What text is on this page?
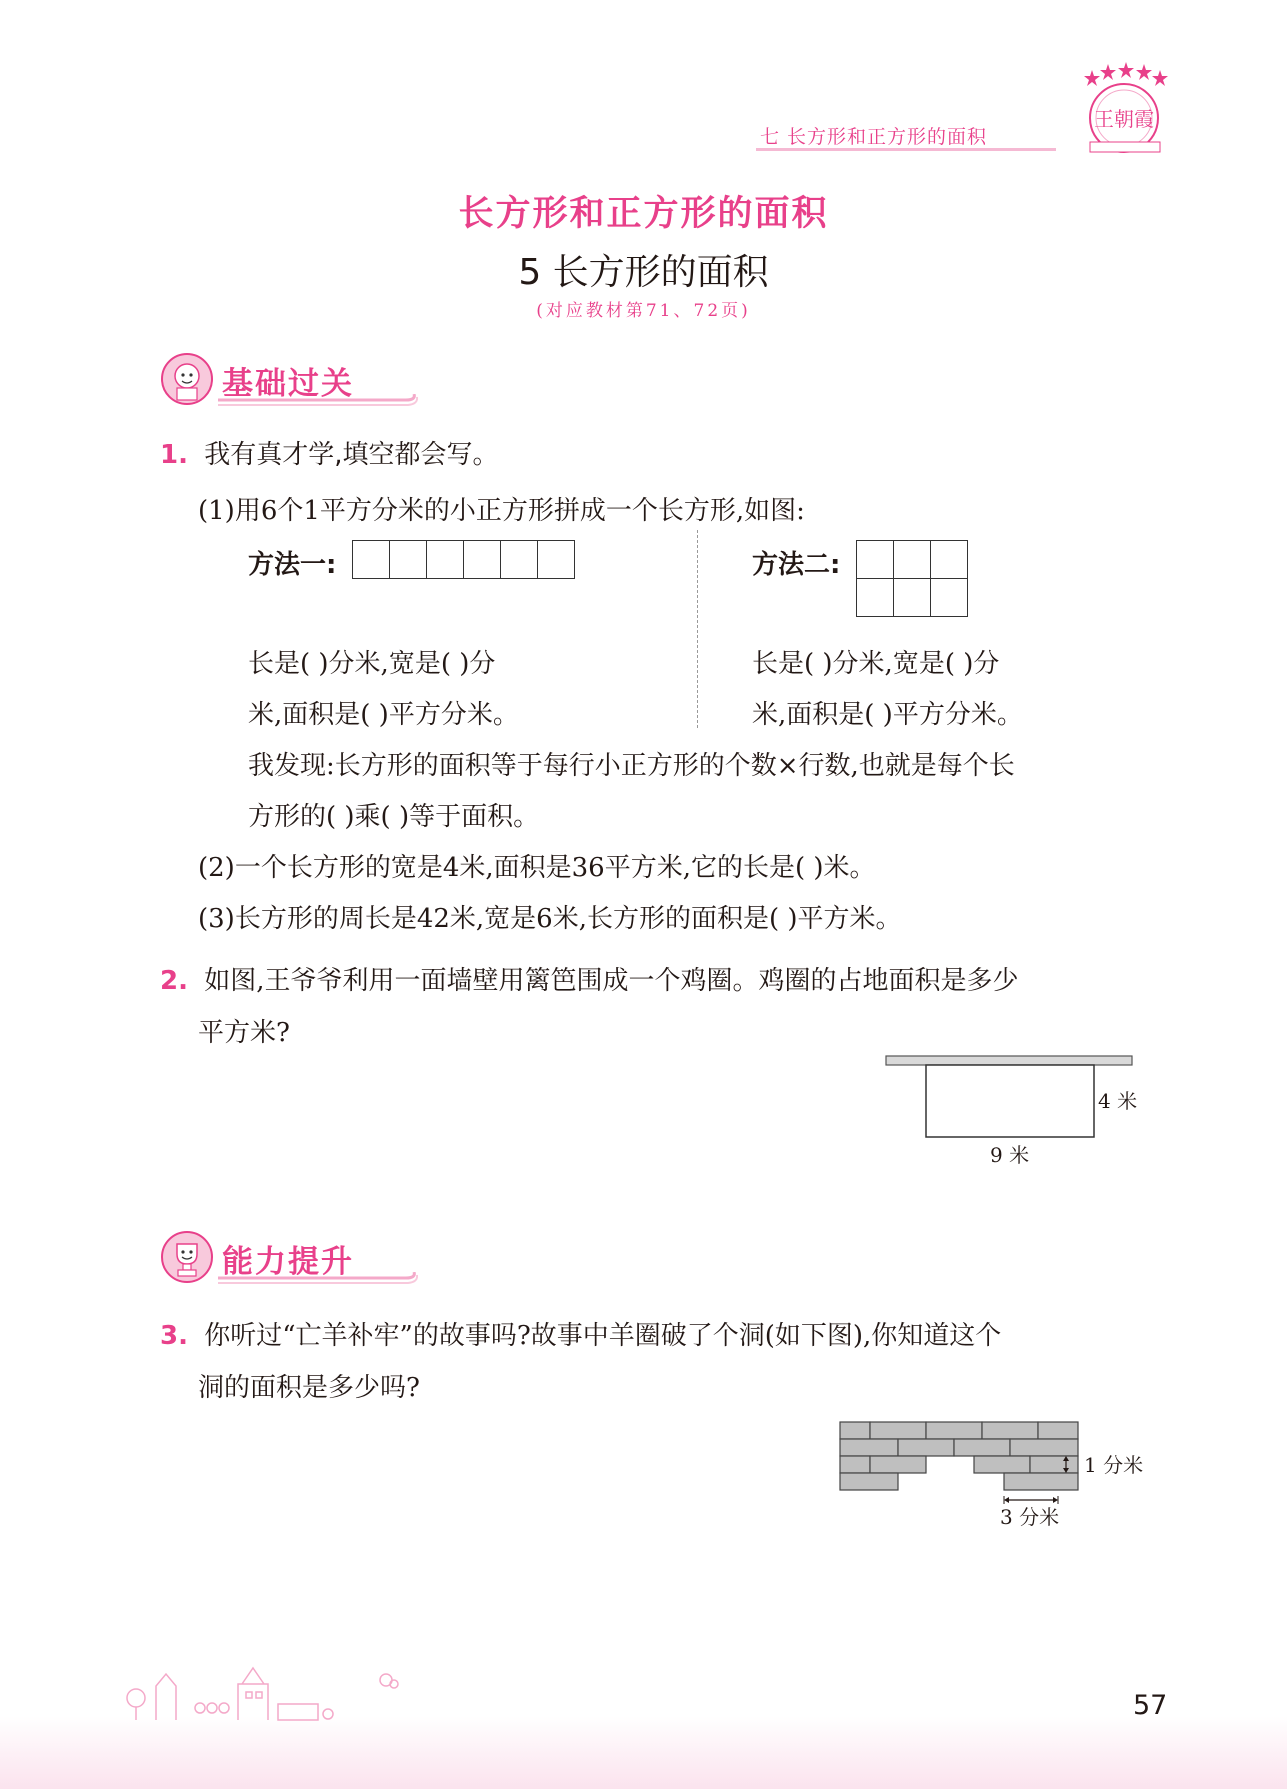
七 长方形和正方形的面积
王朝霞
长方形和正方形的面积
5 长方形的面积
(对应教材第71、72页)
基础过关
1. 我有真才学,填空都会写。
(1)用6个1平方分米的小正方形拼成一个长方形,如图:
方法一:
						方法二:

长是( )分米,宽是( )分
米,面积是( )平方分米。
长是( )分米,宽是( )分
米,面积是( )平方分米。
我发现:长方形的面积等于每行小正方形的个数×行数,也就是每个长
方形的( )乘( )等于面积。
(2)一个长方形的宽是4米,面积是36平方米,它的长是( )米。
(3)长方形的周长是42米,宽是6米,长方形的面积是( )平方米。
2. 如图,王爷爷利用一面墙壁用篱笆围成一个鸡圈。鸡圈的占地面积是多少
平方米?
4 米
9 米
能力提升
3. 你听过“亡羊补牢”的故事吗?故事中羊圈破了个洞(如下图),你知道这个
洞的面积是多少吗?
1 分米
3 分米
57
